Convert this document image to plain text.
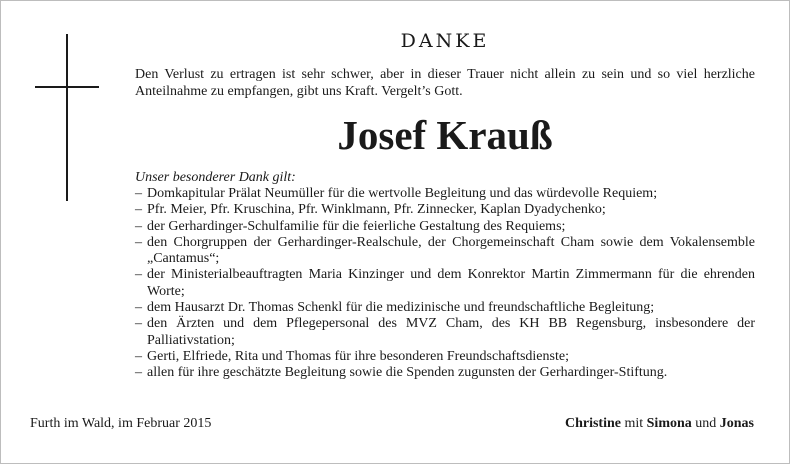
DANKE
Den Verlust zu ertragen ist sehr schwer, aber in dieser Trauer nicht allein zu sein und so viel herzliche Anteilnahme zu empfangen, gibt uns Kraft. Vergelt’s Gott.
Josef Krauß
Unser besonderer Dank gilt:
– Domkapitular Prälat Neumüller für die wertvolle Begleitung und das würdevolle Requiem;
– Pfr. Meier, Pfr. Kruschina, Pfr. Winklmann, Pfr. Zinnecker, Kaplan Dyadychenko;
– der Gerhardinger-Schulfamilie für die feierliche Gestaltung des Requiems;
– den Chorgruppen der Gerhardinger-Realschule, der Chorgemeinschaft Cham sowie dem Vokalensemble „Cantamus“;
– der Ministerialbeauftragten Maria Kinzinger und dem Konrektor Martin Zimmermann für die ehrenden Worte;
– dem Hausarzt Dr. Thomas Schenkl für die medizinische und freundschaftliche Begleitung;
– den Ärzten und dem Pflegepersonal des MVZ Cham, des KH BB Regensburg, insbesondere der Palliativstation;
– Gerti, Elfriede, Rita und Thomas für ihre besonderen Freundschaftsdienste;
– allen für ihre geschätzte Begleitung sowie die Spenden zugunsten der Gerhardinger-Stiftung.
Furth im Wald, im Februar 2015	Christine mit Simona und Jonas
